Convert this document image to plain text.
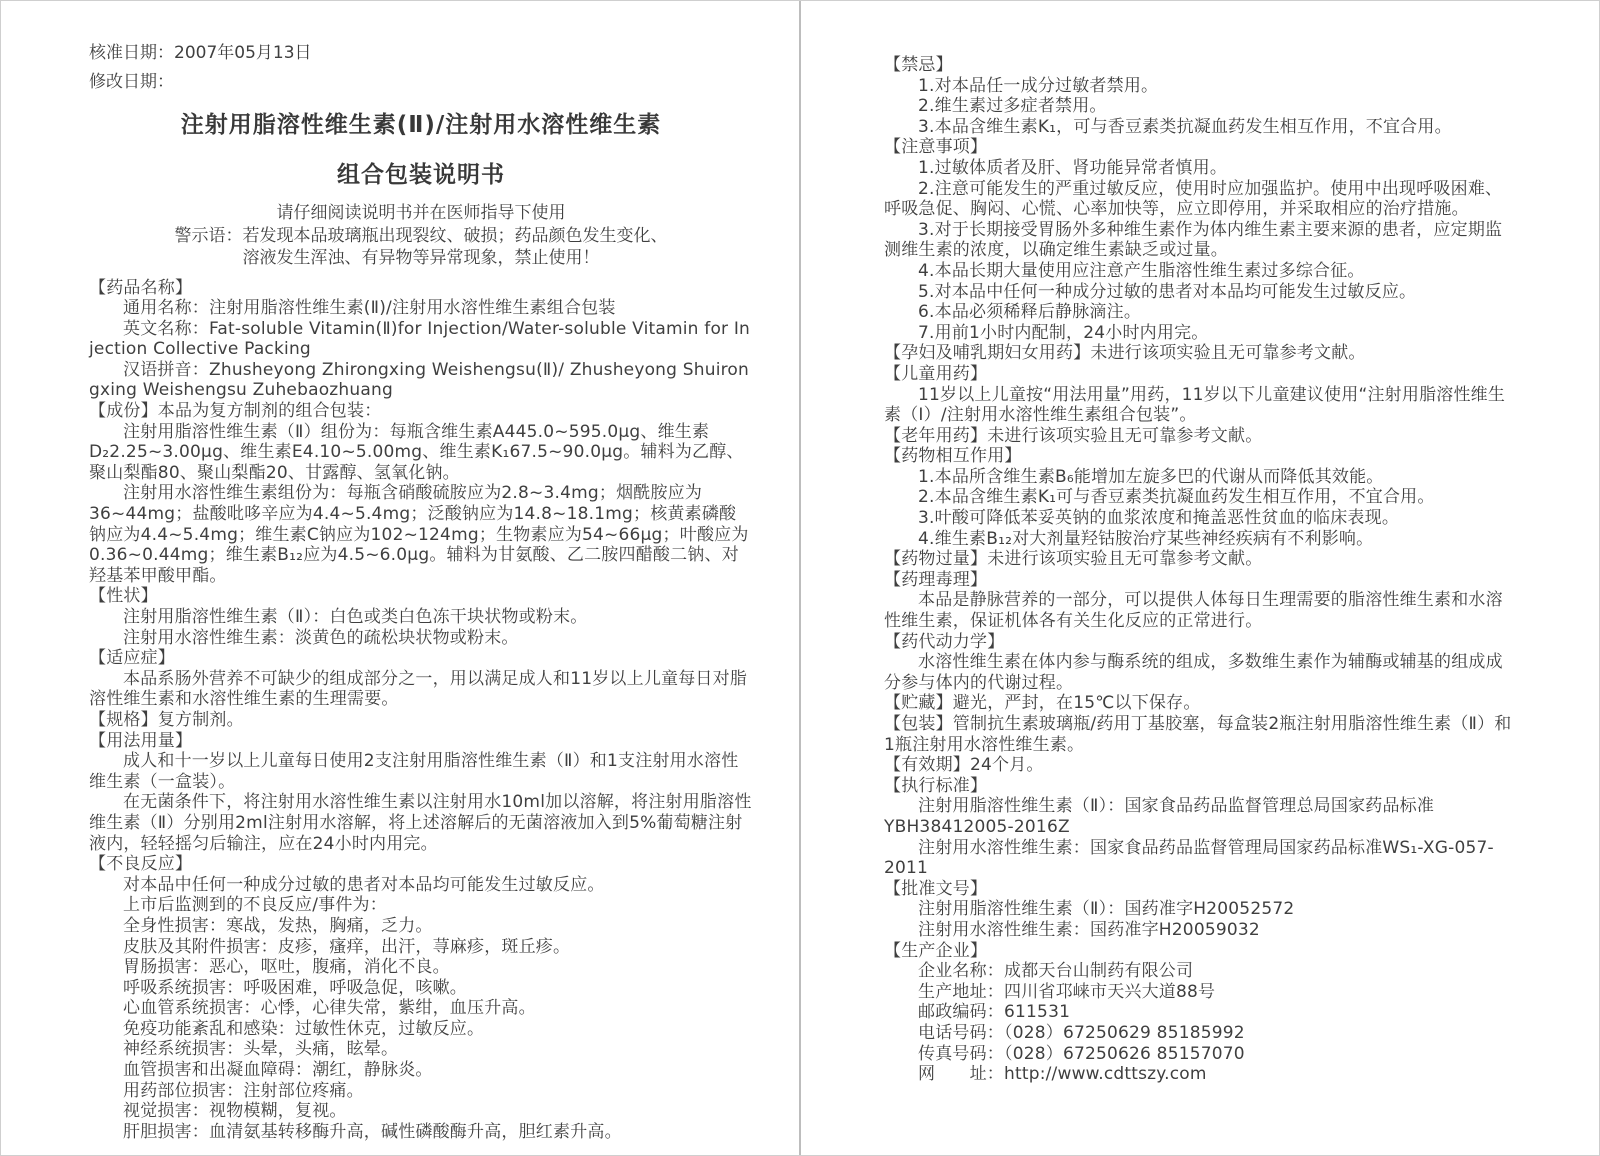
核准日期：2007年05月13日

修改日期：

注射用脂溶性维生素(Ⅱ)/注射用水溶性维生素
组合包装说明书

请仔细阅读说明书并在医师指导下使用

警示语：若发现本品玻璃瓶出现裂纹、破损；药品颜色发生变化、

溶液发生浑浊、有异物等异常现象，禁止使用！

【药品名称】

通用名称：注射用脂溶性维生素(Ⅱ)/注射用水溶性维生素组合包装

英文名称：Fat-soluble Vitamin(Ⅱ)for Injection/Water-soluble Vitamin for Injection Collective Packing

汉语拼音：Zhusheyong Zhirongxing Weishengsu(Ⅱ)/ Zhusheyong Shuirongxing Weishengsu Zuhebaozhuang

【成份】本品为复方制剂的组合包装：

注射用脂溶性维生素（Ⅱ）组份为：每瓶含维生素A445.0~595.0μg、维生素D₂2.25~3.00μg、维生素E4.10~5.00mg、维生素K₁67.5~90.0μg。辅料为乙醇、聚山梨酯80、聚山梨酯20、甘露醇、氢氧化钠。

注射用水溶性维生素组份为：每瓶含硝酸硫胺应为2.8~3.4mg；烟酰胺应为36~44mg；盐酸吡哆辛应为4.4~5.4mg；泛酸钠应为14.8~18.1mg；核黄素磷酸钠应为4.4~5.4mg；维生素C钠应为102~124mg；生物素应为54~66μg；叶酸应为0.36~0.44mg；维生素B₁₂应为4.5~6.0μg。辅料为甘氨酸、乙二胺四醋酸二钠、对羟基苯甲酸甲酯。

【性状】

注射用脂溶性维生素（Ⅱ）：白色或类白色冻干块状物或粉末。

注射用水溶性维生素：淡黄色的疏松块状物或粉末。

【适应症】

本品系肠外营养不可缺少的组成部分之一，用以满足成人和11岁以上儿童每日对脂溶性维生素和水溶性维生素的生理需要。

【规格】复方制剂。

【用法用量】

成人和十一岁以上儿童每日使用2支注射用脂溶性维生素（Ⅱ）和1支注射用水溶性维生素（一盒装）。

在无菌条件下，将注射用水溶性维生素以注射用水10ml加以溶解，将注射用脂溶性维生素（Ⅱ）分别用2ml注射用水溶解，将上述溶解后的无菌溶液加入到5%葡萄糖注射液内，轻轻摇匀后输注，应在24小时内用完。

【不良反应】

对本品中任何一种成分过敏的患者对本品均可能发生过敏反应。

上市后监测到的不良反应/事件为：

全身性损害：寒战，发热，胸痛，乏力。

皮肤及其附件损害：皮疹，瘙痒，出汗，荨麻疹，斑丘疹。

胃肠损害：恶心，呕吐，腹痛，消化不良。

呼吸系统损害：呼吸困难，呼吸急促，咳嗽。

心血管系统损害：心悸，心律失常，紫绀，血压升高。

免疫功能紊乱和感染：过敏性休克，过敏反应。

神经系统损害：头晕，头痛，眩晕。

血管损害和出凝血障碍：潮红，静脉炎。

用药部位损害：注射部位疼痛。

视觉损害：视物模糊，复视。

肝胆损害：血清氨基转移酶升高，碱性磷酸酶升高，胆红素升高。

【禁忌】

1.对本品任一成分过敏者禁用。

2.维生素过多症者禁用。

3.本品含维生素K₁，可与香豆素类抗凝血药发生相互作用，不宜合用。

【注意事项】

1.过敏体质者及肝、肾功能异常者慎用。

2.注意可能发生的严重过敏反应，使用时应加强监护。使用中出现呼吸困难、呼吸急促、胸闷、心慌、心率加快等，应立即停用，并采取相应的治疗措施。

3.对于长期接受胃肠外多种维生素作为体内维生素主要来源的患者，应定期监测维生素的浓度，以确定维生素缺乏或过量。

4.本品长期大量使用应注意产生脂溶性维生素过多综合征。

5.对本品中任何一种成分过敏的患者对本品均可能发生过敏反应。

6.本品必须稀释后静脉滴注。

7.用前1小时内配制，24小时内用完。

【孕妇及哺乳期妇女用药】未进行该项实验且无可靠参考文献。

【儿童用药】

11岁以上儿童按“用法用量”用药，11岁以下儿童建议使用“注射用脂溶性维生素（Ⅰ）/注射用水溶性维生素组合包装”。

【老年用药】未进行该项实验且无可靠参考文献。

【药物相互作用】

1.本品所含维生素B₆能增加左旋多巴的代谢从而降低其效能。

2.本品含维生素K₁可与香豆素类抗凝血药发生相互作用，不宜合用。

3.叶酸可降低苯妥英钠的血浆浓度和掩盖恶性贫血的临床表现。

4.维生素B₁₂对大剂量羟钴胺治疗某些神经疾病有不利影响。

【药物过量】未进行该项实验且无可靠参考文献。

【药理毒理】

本品是静脉营养的一部分，可以提供人体每日生理需要的脂溶性维生素和水溶性维生素，保证机体各有关生化反应的正常进行。

【药代动力学】

水溶性维生素在体内参与酶系统的组成，多数维生素作为辅酶或辅基的组成成分参与体内的代谢过程。

【贮藏】避光，严封，在15℃以下保存。

【包装】管制抗生素玻璃瓶/药用丁基胶塞，每盒装2瓶注射用脂溶性维生素（Ⅱ）和1瓶注射用水溶性维生素。

【有效期】24个月。

【执行标准】

注射用脂溶性维生素（Ⅱ）：国家食品药品监督管理总局国家药品标准YBH38412005-2016Z

注射用水溶性维生素：国家食品药品监督管理局国家药品标准WS₁-XG-057-2011

【批准文号】

注射用脂溶性维生素（Ⅱ）：国药准字H20052572

注射用水溶性维生素：国药准字H20059032

【生产企业】

企业名称：成都天台山制药有限公司

生产地址：四川省邛崃市天兴大道88号

邮政编码：611531

电话号码：（028）67250629 85185992

传真号码：（028）67250626 85157070

网　　址：http://www.cdttszy.com
